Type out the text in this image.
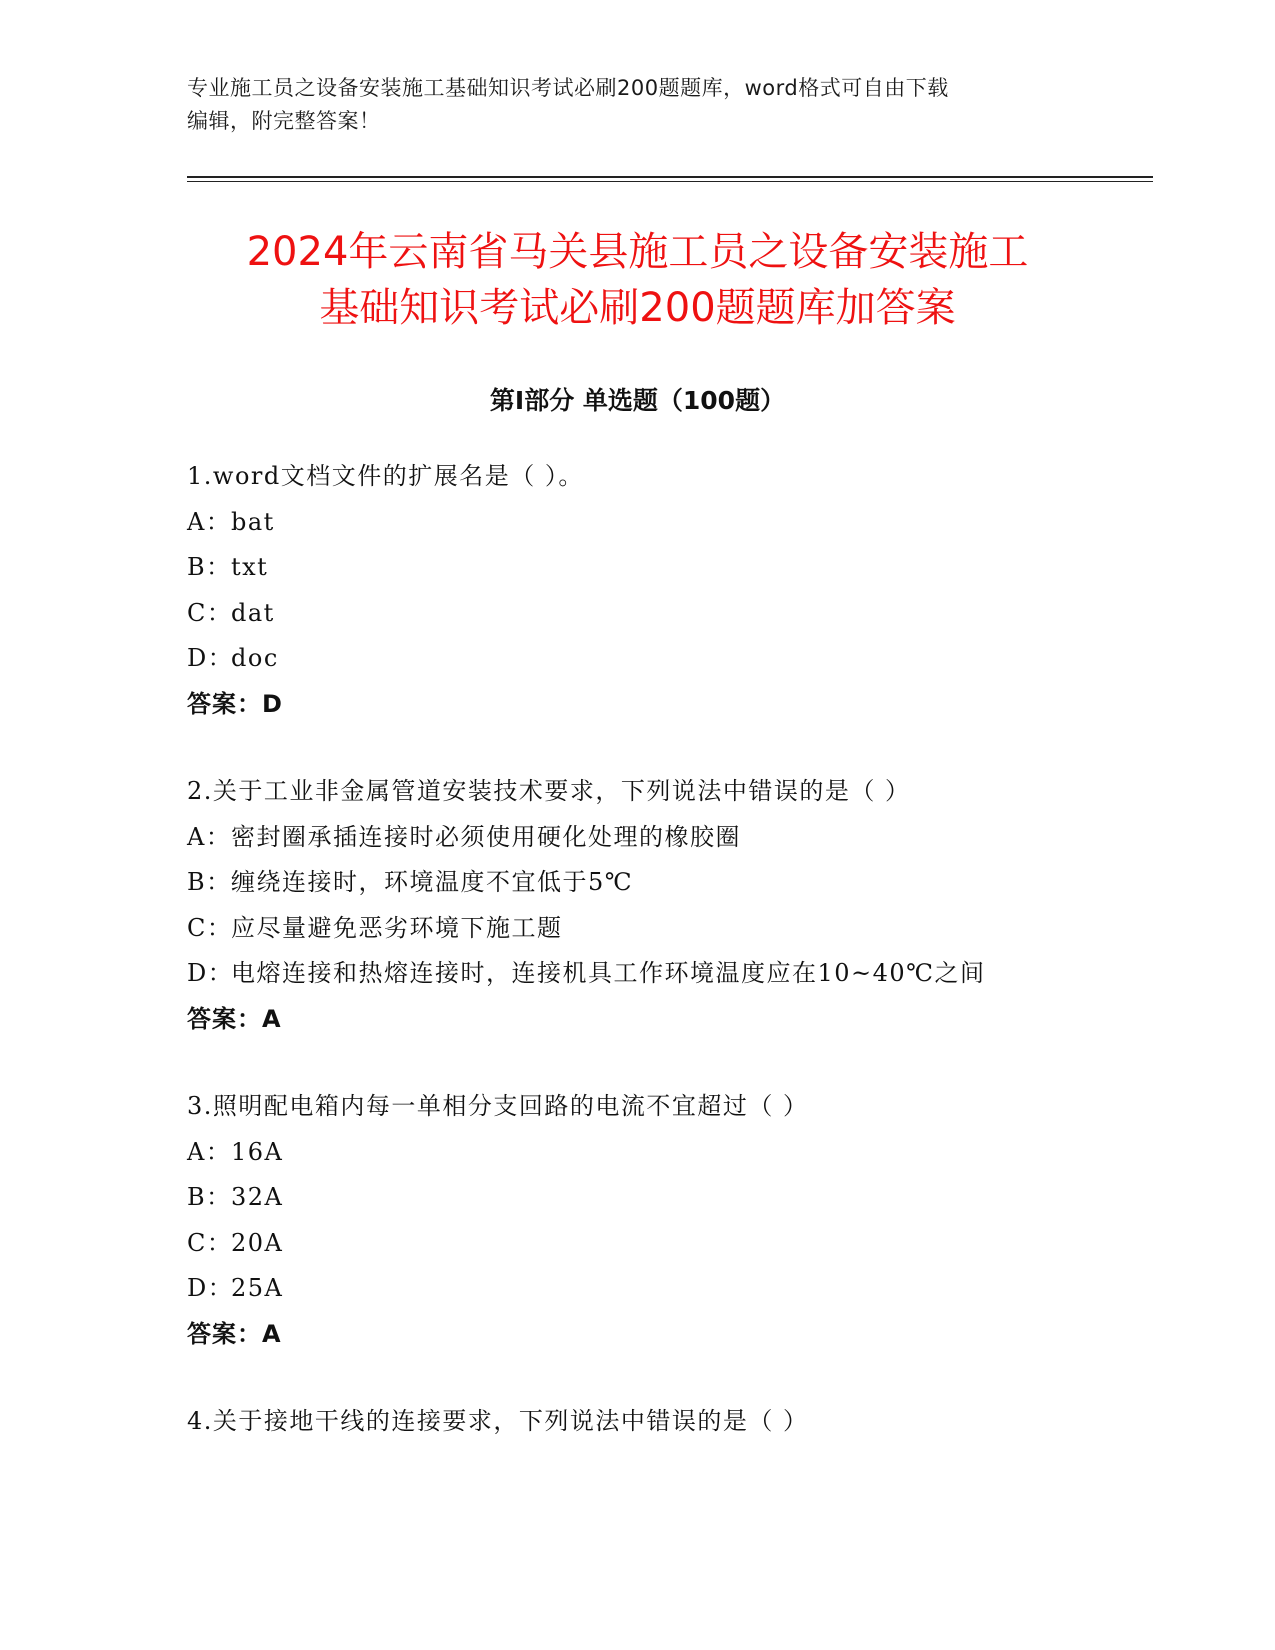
专业施工员之设备安装施工基础知识考试必刷200题题库，word格式可自由下载
编辑，附完整答案！
2024年云南省马关县施工员之设备安装施工
基础知识考试必刷200题题库加答案
第I部分 单选题（100题）
1.word文档文件的扩展名是（ ）。
A：bat
B：txt
C：dat
D：doc
答案：D
2.关于工业非金属管道安装技术要求，下列说法中错误的是（ ）
A：密封圈承插连接时必须使用硬化处理的橡胶圈
B：缠绕连接时，环境温度不宜低于5℃
C：应尽量避免恶劣环境下施工题
D：电熔连接和热熔连接时，连接机具工作环境温度应在10~40℃之间
答案：A
3.照明配电箱内每一单相分支回路的电流不宜超过（ ）
A：16A
B：32A
C：20A
D：25A
答案：A
4.关于接地干线的连接要求，下列说法中错误的是（ ）
